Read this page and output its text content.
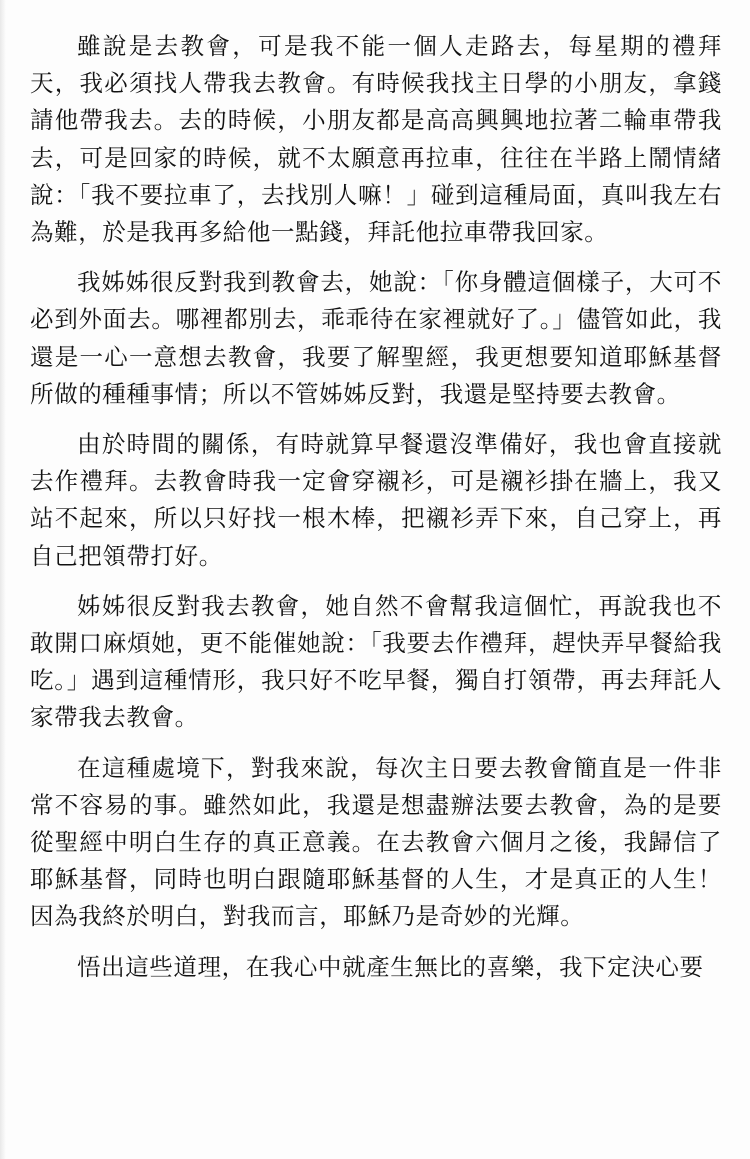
雖說是去教會，可是我不能一個人走路去，每星期的禮拜天，我必須找人帶我去教會。有時候我找主日學的小朋友，拿錢請他帶我去。去的時候，小朋友都是高高興興地拉著二輪車帶我去，可是回家的時候，就不太願意再拉車，往往在半路上鬧情緒說：「我不要拉車了，去找別人嘛！」碰到這種局面，真叫我左右為難，於是我再多給他一點錢，拜託他拉車帶我回家。

我姊姊很反對我到教會去，她說：「你身體這個樣子，大可不必到外面去。哪裡都別去，乖乖待在家裡就好了。」儘管如此，我還是一心一意想去教會，我要了解聖經，我更想要知道耶穌基督所做的種種事情；所以不管姊姊反對，我還是堅持要去教會。

由於時間的關係，有時就算早餐還沒準備好，我也會直接就去作禮拜。去教會時我一定會穿襯衫，可是襯衫掛在牆上，我又站不起來，所以只好找一根木棒，把襯衫弄下來，自己穿上，再自己把領帶打好。

姊姊很反對我去教會，她自然不會幫我這個忙，再說我也不敢開口麻煩她，更不能催她說：「我要去作禮拜，趕快弄早餐給我吃。」遇到這種情形，我只好不吃早餐，獨自打領帶，再去拜託人家帶我去教會。

在這種處境下，對我來說，每次主日要去教會簡直是一件非常不容易的事。雖然如此，我還是想盡辦法要去教會，為的是要從聖經中明白生存的真正意義。在去教會六個月之後，我歸信了耶穌基督，同時也明白跟隨耶穌基督的人生，才是真正的人生！因為我終於明白，對我而言，耶穌乃是奇妙的光輝。

悟出這些道理，在我心中就產生無比的喜樂，我下定決心要
